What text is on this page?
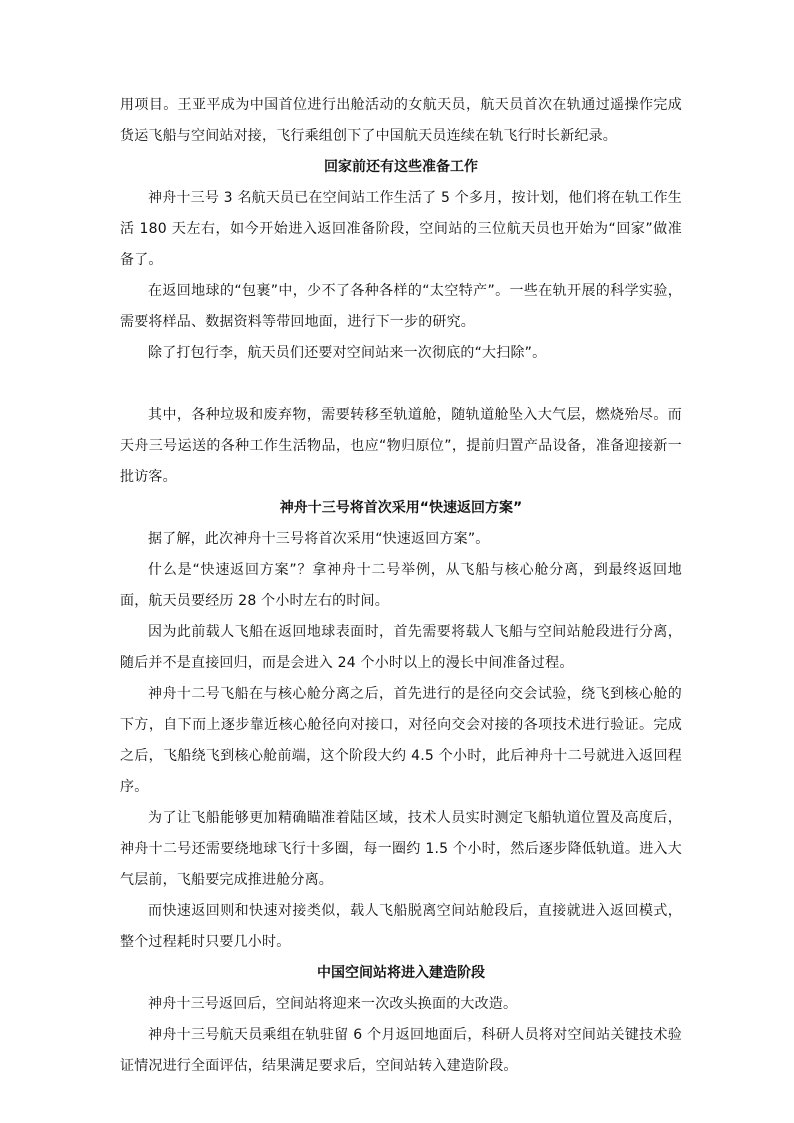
用项目。王亚平成为中国首位进行出舱活动的女航天员，航天员首次在轨通过遥操作完成货运飞船与空间站对接，飞行乘组创下了中国航天员连续在轨飞行时长新纪录。

回家前还有这些准备工作

神舟十三号 3 名航天员已在空间站工作生活了 5 个多月，按计划，他们将在轨工作生活 180 天左右，如今开始进入返回准备阶段，空间站的三位航天员也开始为“回家”做准备了。

在返回地球的“包裹”中，少不了各种各样的“太空特产”。一些在轨开展的科学实验，需要将样品、数据资料等带回地面，进行下一步的研究。

除了打包行李，航天员们还要对空间站来一次彻底的“大扫除”。

其中，各种垃圾和废弃物，需要转移至轨道舱，随轨道舱坠入大气层，燃烧殆尽。而天舟三号运送的各种工作生活物品，也应“物归原位”，提前归置产品设备，准备迎接新一批访客。

神舟十三号将首次采用“快速返回方案”

据了解，此次神舟十三号将首次采用“快速返回方案”。

什么是“快速返回方案”？拿神舟十二号举例，从飞船与核心舱分离，到最终返回地面，航天员要经历 28 个小时左右的时间。

因为此前载人飞船在返回地球表面时，首先需要将载人飞船与空间站舱段进行分离，随后并不是直接回归，而是会进入 24 个小时以上的漫长中间准备过程。

神舟十二号飞船在与核心舱分离之后，首先进行的是径向交会试验，绕飞到核心舱的下方，自下而上逐步靠近核心舱径向对接口，对径向交会对接的各项技术进行验证。完成之后，飞船绕飞到核心舱前端，这个阶段大约 4.5 个小时，此后神舟十二号就进入返回程序。

为了让飞船能够更加精确瞄准着陆区域，技术人员实时测定飞船轨道位置及高度后，神舟十二号还需要绕地球飞行十多圈，每一圈约 1.5 个小时，然后逐步降低轨道。进入大气层前，飞船要完成推进舱分离。

而快速返回则和快速对接类似，载人飞船脱离空间站舱段后，直接就进入返回模式，整个过程耗时只要几小时。

中国空间站将进入建造阶段

神舟十三号返回后，空间站将迎来一次改头换面的大改造。

神舟十三号航天员乘组在轨驻留 6 个月返回地面后，科研人员将对空间站关键技术验证情况进行全面评估，结果满足要求后，空间站转入建造阶段。
